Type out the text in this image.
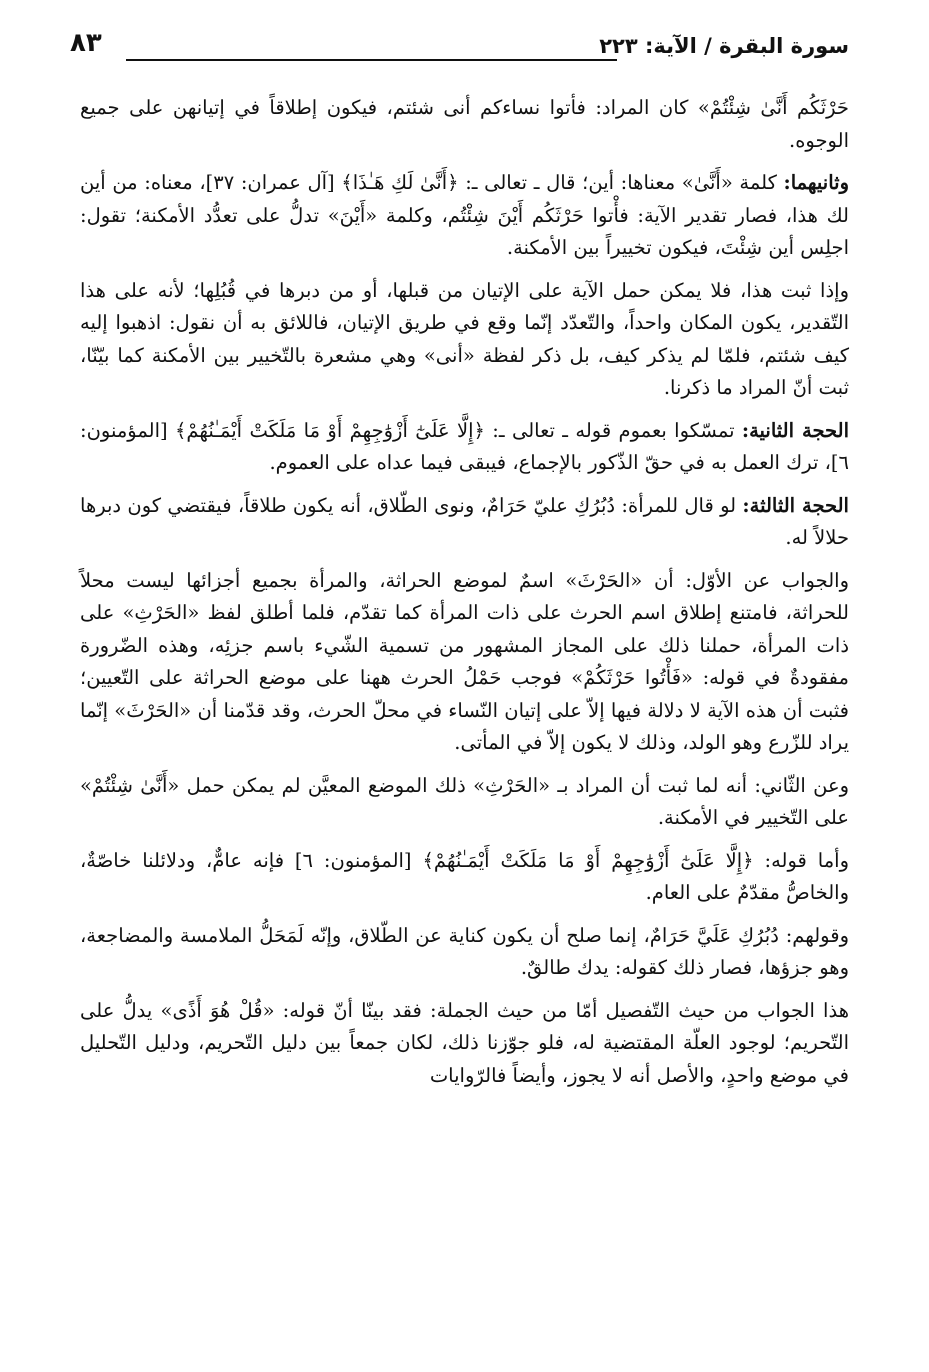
سورة البقرة / الآية: ٢٢٣
٨٣

حَرْثَكُم أَنَّىٰ شِئْتُمْ» كان المراد: فأتوا نساءكم أنى شئتم، فيكون إطلاقاً في إتيانهن على جميع الوجوه.

وثانيهما: كلمة «أَنَّىٰ» معناها: أين؛ قال ـ تعالى ـ: ﴿أَنَّىٰ لَكِ هَـٰذَا﴾ [آل عمران: ٣٧]، معناه: من أين لك هذا، فصار تقدير الآية: فأْتوا حَرْثَكُم أَيْنَ شِئْتُم، وكلمة «أَيْنَ» تدلُّ على تعدُّد الأمكنة؛ تقول: اجلِس أين شِئْتَ، فيكون تخييراً بين الأمكنة.

وإذا ثبت هذا، فلا يمكن حمل الآية على الإتيان من قبلها، أو من دبرها في قُبُلِها؛ لأنه على هذا التّقدير، يكون المكان واحداً، والتّعدّد إنّما وقع في طريق الإتيان، فاللائق به أن نقول: اذهبوا إليه كيف شئتم، فلمّا لم يذكر كيف، بل ذكر لفظة «أنى» وهي مشعرة بالتّخيير بين الأمكنة كما بيّنّا، ثبت أنّ المراد ما ذكرنا.

الحجة الثانية: تمسّكوا بعموم قوله ـ تعالى ـ: ﴿إِلَّا عَلَىٰٓ أَزْوَٰجِهِمْ أَوْ مَا مَلَكَتْ أَيْمَـٰنُهُمْ﴾ [المؤمنون: ٦]، ترك العمل به في حقّ الذّكور بالإجماع، فيبقى فيما عداه على العموم.

الحجة الثالثة: لو قال للمرأة: دُبُرُكِ عليّ حَرَامٌ، ونوى الطّلاق، أنه يكون طلاقاً، فيقتضي كون دبرها حلالاً له.

والجواب عن الأوّل: أن «الحَرْثَ» اسمٌ لموضع الحراثة، والمرأة بجميع أجزائها ليست محلاً للحراثة، فامتنع إطلاق اسم الحرث على ذات المرأة كما تقدّم، فلما أطلق لفظ «الحَرْثِ» على ذات المرأة، حملنا ذلك على المجاز المشهور من تسمية الشّيء باسم جزئِه، وهذه الضّرورة مفقودةٌ في قوله: «فَأْتُوا حَرْثَكُمْ» فوجب حَمْلُ الحرث ههنا على موضع الحراثة على التّعيين؛ فثبت أن هذه الآية لا دلالة فيها إلاّ على إتيان النّساء في محلّ الحرث، وقد قدّمنا أن «الحَرْثَ» إنّما يراد للزّرع وهو الولد، وذلك لا يكون إلاّ في المأتى.

وعن الثّاني: أنه لما ثبت أن المراد بـ «الحَرْثِ» ذلك الموضع المعيَّن لم يمكن حمل «أَنَّىٰ شِئْتُمْ» على التّخيير في الأمكنة.

وأما قوله: ﴿إِلَّا عَلَىٰٓ أَزْوَٰجِهِمْ أَوْ مَا مَلَكَتْ أَيْمَـٰنُهُمْ﴾ [المؤمنون: ٦] فإنه عامٌّ، ودلائلنا خاصّةٌ، والخاصُّ مقدّمٌ على العام.

وقولهم: دُبُرُكِ عَلَيَّ حَرَامٌ، إنما صلح أن يكون كناية عن الطّلاق، وإنّه لَمَحَلُّ الملامسة والمضاجعة، وهو جزؤها، فصار ذلك كقوله: يدك طالقٌ.

هذا الجواب من حيث التّفصيل أمّا من حيث الجملة: فقد بينّا أنّ قوله: «قُلْ هُوَ أَذًى» يدلُّ على التّحريم؛ لوجود العلّة المقتضية له، فلو جوّزنا ذلك، لكان جمعاً بين دليل التّحريم، ودليل التّحليل في موضع واحدٍ، والأصل أنه لا يجوز، وأيضاً فالرّوايات
